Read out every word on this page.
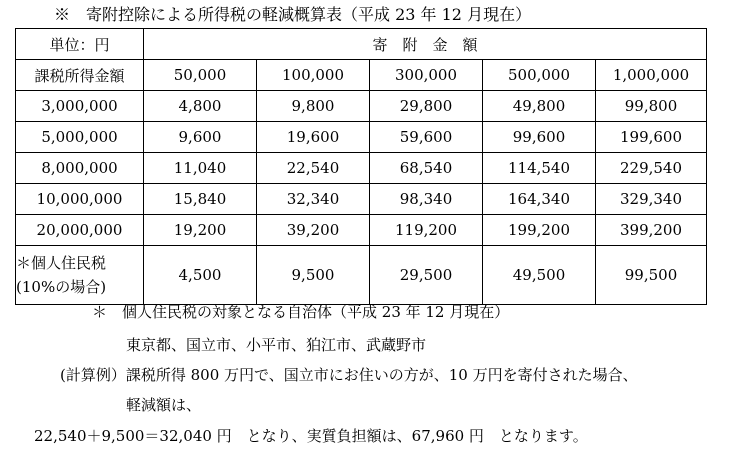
※　寄附控除による所得税の軽減概算表（平成 23 年 12 月現在）
単位：円	寄　附　金　額				
課税所得金額	50,000	100,000	300,000	500,000	1,000,000
3,000,000	4,800	9,800	29,800	49,800	99,800
5,000,000	9,600	19,600	59,600	99,600	199,600
8,000,000	11,040	22,540	68,540	114,540	229,540
10,000,000	15,840	32,340	98,340	164,340	329,340
20,000,000	19,200	39,200	119,200	199,200	399,200

＊個人住民税
(10%の場合)	4,500	9,500	29,500	49,500	99,500
＊　個人住民税の対象となる自治体（平成 23 年 12 月現在）
東京都、国立市、小平市、狛江市、武蔵野市
(計算例）課税所得 800 万円で、国立市にお住いの方が、10 万円を寄付された場合、
軽減額は、
22,540＋9,500＝32,040 円　となり、実質負担額は、67,960 円　となります。
